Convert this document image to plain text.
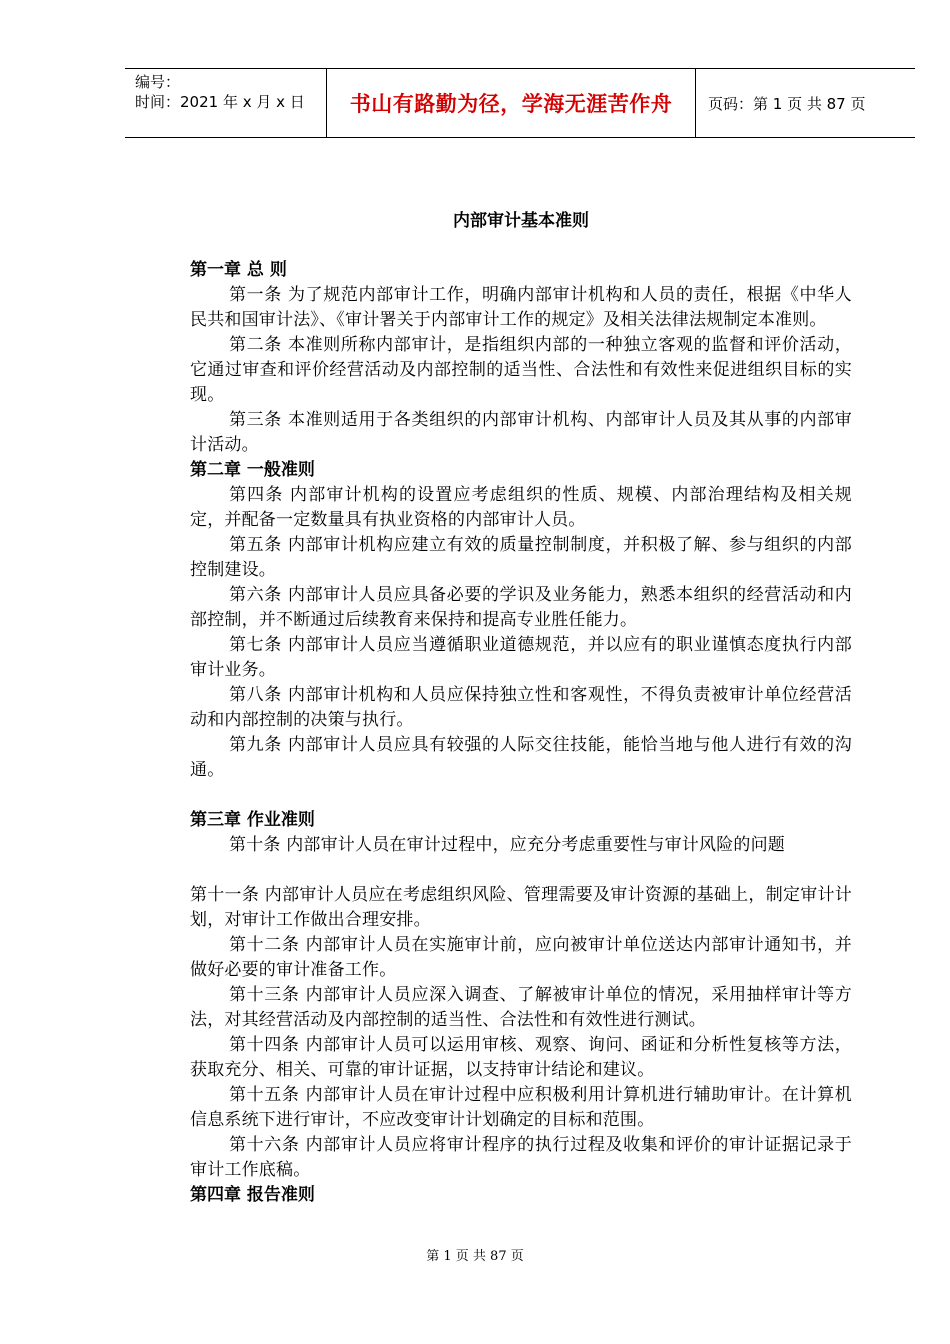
编号：
时间：2021 年 x 月 x 日	书山有路勤为径，学海无涯苦作舟 页码：第 1 页 共 87 页
内部审计基本准则
第一章 总 则

第一条 为了规范内部审计工作，明确内部审计机构和人员的责任，根据《中华人民共和国审计法》、《审计署关于内部审计工作的规定》及相关法律法规制定本准则。

第二条 本准则所称内部审计，是指组织内部的一种独立客观的监督和评价活动，它通过审查和评价经营活动及内部控制的适当性、合法性和有效性来促进组织目标的实现。

第三条 本准则适用于各类组织的内部审计机构、内部审计人员及其从事的内部审计活动。

第二章 一般准则

第四条 内部审计机构的设置应考虑组织的性质、规模、内部治理结构及相关规定，并配备一定数量具有执业资格的内部审计人员。

第五条 内部审计机构应建立有效的质量控制制度，并积极了解、参与组织的内部控制建设。

第六条 内部审计人员应具备必要的学识及业务能力，熟悉本组织的经营活动和内部控制，并不断通过后续教育来保持和提高专业胜任能力。

第七条 内部审计人员应当遵循职业道德规范，并以应有的职业谨慎态度执行内部审计业务。

第八条 内部审计机构和人员应保持独立性和客观性，不得负责被审计单位经营活动和内部控制的决策与执行。

第九条 内部审计人员应具有较强的人际交往技能，能恰当地与他人进行有效的沟通。

第三章 作业准则

第十条 内部审计人员在审计过程中，应充分考虑重要性与审计风险的问题

第十一条 内部审计人员应在考虑组织风险、管理需要及审计资源的基础上，制定审计计划，对审计工作做出合理安排。

第十二条 内部审计人员在实施审计前，应向被审计单位送达内部审计通知书，并做好必要的审计准备工作。

第十三条 内部审计人员应深入调查、了解被审计单位的情况，采用抽样审计等方法，对其经营活动及内部控制的适当性、合法性和有效性进行测试。

第十四条 内部审计人员可以运用审核、观察、询问、函证和分析性复核等方法，获取充分、相关、可靠的审计证据，以支持审计结论和建议。

第十五条 内部审计人员在审计过程中应积极利用计算机进行辅助审计。在计算机信息系统下进行审计，不应改变审计计划确定的目标和范围。

第十六条 内部审计人员应将审计程序的执行过程及收集和评价的审计证据记录于审计工作底稿。

第四章 报告准则
第 1 页 共 87 页
